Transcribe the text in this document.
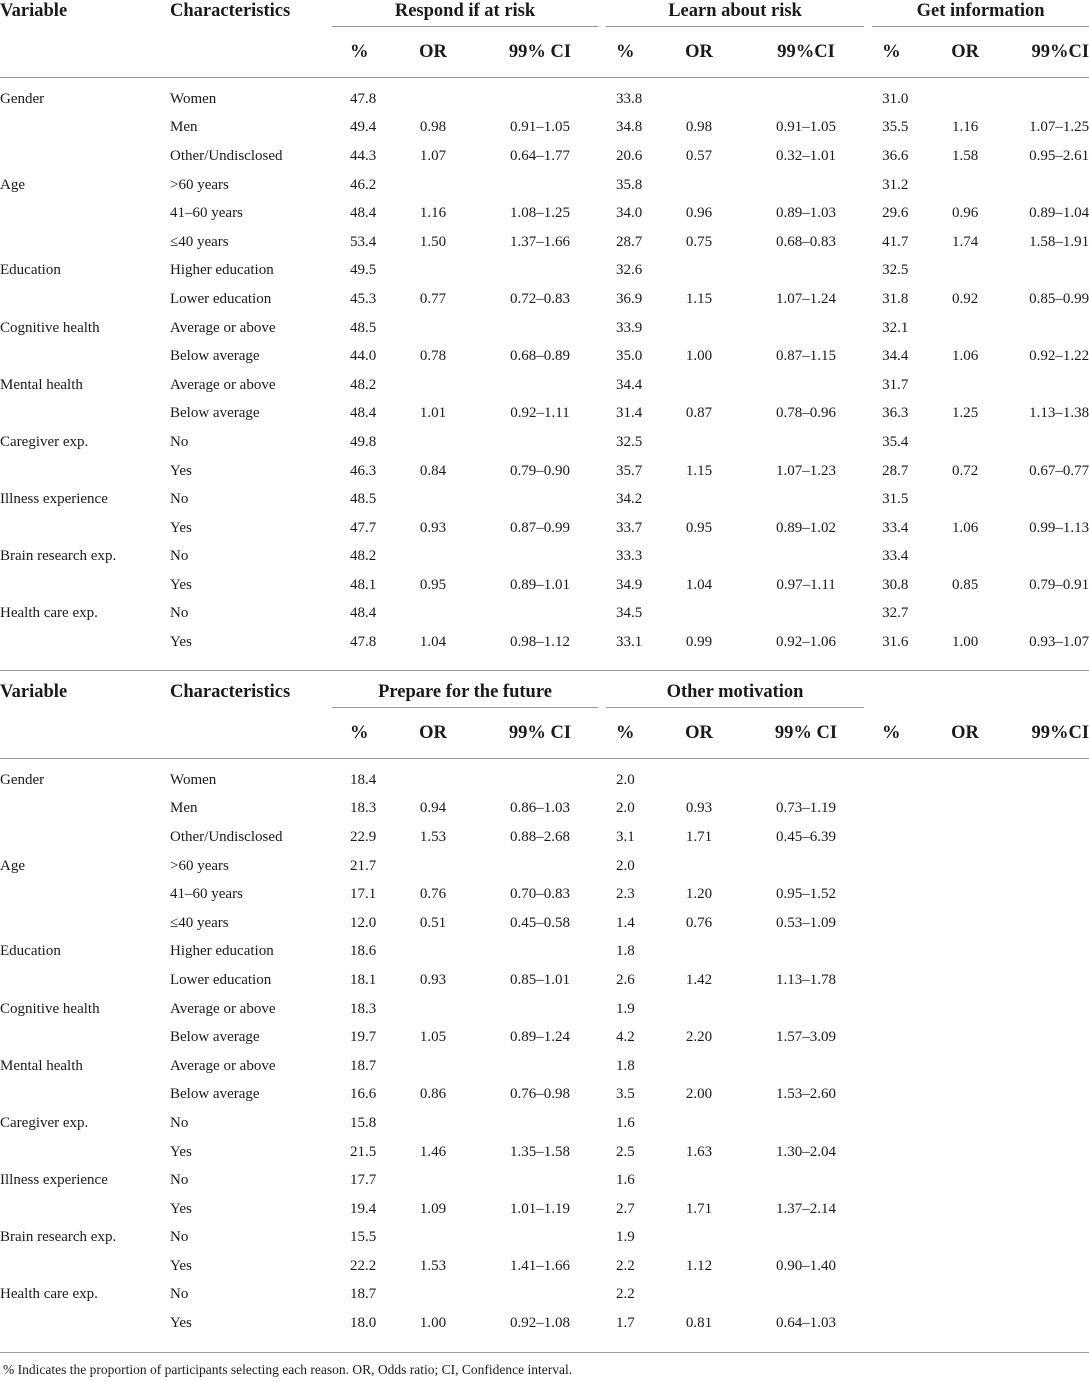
Variable	Characteristics	Respond if at risk			Learn about risk			Get information		

		%	OR	99% CI	%	OR	99%CI	%	OR	99%CI

Gender	Women	47.8			33.8			31.0		
	Men	49.4	0.98	0.91–1.05	34.8	0.98	0.91–1.05	35.5	1.16	1.07–1.25
	Other/Undisclosed	44.3	1.07	0.64–1.77	20.6	0.57	0.32–1.01	36.6	1.58	0.95–2.61
Age	>60 years	46.2			35.8			31.2		
	41–60 years	48.4	1.16	1.08–1.25	34.0	0.96	0.89–1.03	29.6	0.96	0.89–1.04
	≤40 years	53.4	1.50	1.37–1.66	28.7	0.75	0.68–0.83	41.7	1.74	1.58–1.91
Education	Higher education	49.5			32.6			32.5		
	Lower education	45.3	0.77	0.72–0.83	36.9	1.15	1.07–1.24	31.8	0.92	0.85–0.99
Cognitive health	Average or above	48.5			33.9			32.1		
	Below average	44.0	0.78	0.68–0.89	35.0	1.00	0.87–1.15	34.4	1.06	0.92–1.22
Mental health	Average or above	48.2			34.4			31.7		
	Below average	48.4	1.01	0.92–1.11	31.4	0.87	0.78–0.96	36.3	1.25	1.13–1.38
Caregiver exp.	No	49.8			32.5			35.4		
	Yes	46.3	0.84	0.79–0.90	35.7	1.15	1.07–1.23	28.7	0.72	0.67–0.77
Illness experience	No	48.5			34.2			31.5		
	Yes	47.7	0.93	0.87–0.99	33.7	0.95	0.89–1.02	33.4	1.06	0.99–1.13
Brain research exp.	No	48.2			33.3			33.4		
	Yes	48.1	0.95	0.89–1.01	34.9	1.04	0.97–1.11	30.8	0.85	0.79–0.91
Health care exp.	No	48.4			34.5			32.7		
	Yes	47.8	1.04	0.98–1.12	33.1	0.99	0.92–1.06	31.6	1.00	0.93–1.07
Variable	Characteristics	Prepare for the future			Other motivation					

		%	OR	99% CI	%	OR	99% CI	%	OR	99%CI

Gender	Women	18.4			2.0					
	Men	18.3	0.94	0.86–1.03	2.0	0.93	0.73–1.19			
	Other/Undisclosed	22.9	1.53	0.88–2.68	3.1	1.71	0.45–6.39			
Age	>60 years	21.7			2.0					
	41–60 years	17.1	0.76	0.70–0.83	2.3	1.20	0.95–1.52			
	≤40 years	12.0	0.51	0.45–0.58	1.4	0.76	0.53–1.09			
Education	Higher education	18.6			1.8					
	Lower education	18.1	0.93	0.85–1.01	2.6	1.42	1.13–1.78			
Cognitive health	Average or above	18.3			1.9					
	Below average	19.7	1.05	0.89–1.24	4.2	2.20	1.57–3.09			
Mental health	Average or above	18.7			1.8					
	Below average	16.6	0.86	0.76–0.98	3.5	2.00	1.53–2.60			
Caregiver exp.	No	15.8			1.6					
	Yes	21.5	1.46	1.35–1.58	2.5	1.63	1.30–2.04			
Illness experience	No	17.7			1.6					
	Yes	19.4	1.09	1.01–1.19	2.7	1.71	1.37–2.14			
Brain research exp.	No	15.5			1.9					
	Yes	22.2	1.53	1.41–1.66	2.2	1.12	0.90–1.40			
Health care exp.	No	18.7			2.2					
	Yes	18.0	1.00	0.92–1.08	1.7	0.81	0.64–1.03			
% Indicates the proportion of participants selecting each reason. OR, Odds ratio; CI, Confidence interval.
